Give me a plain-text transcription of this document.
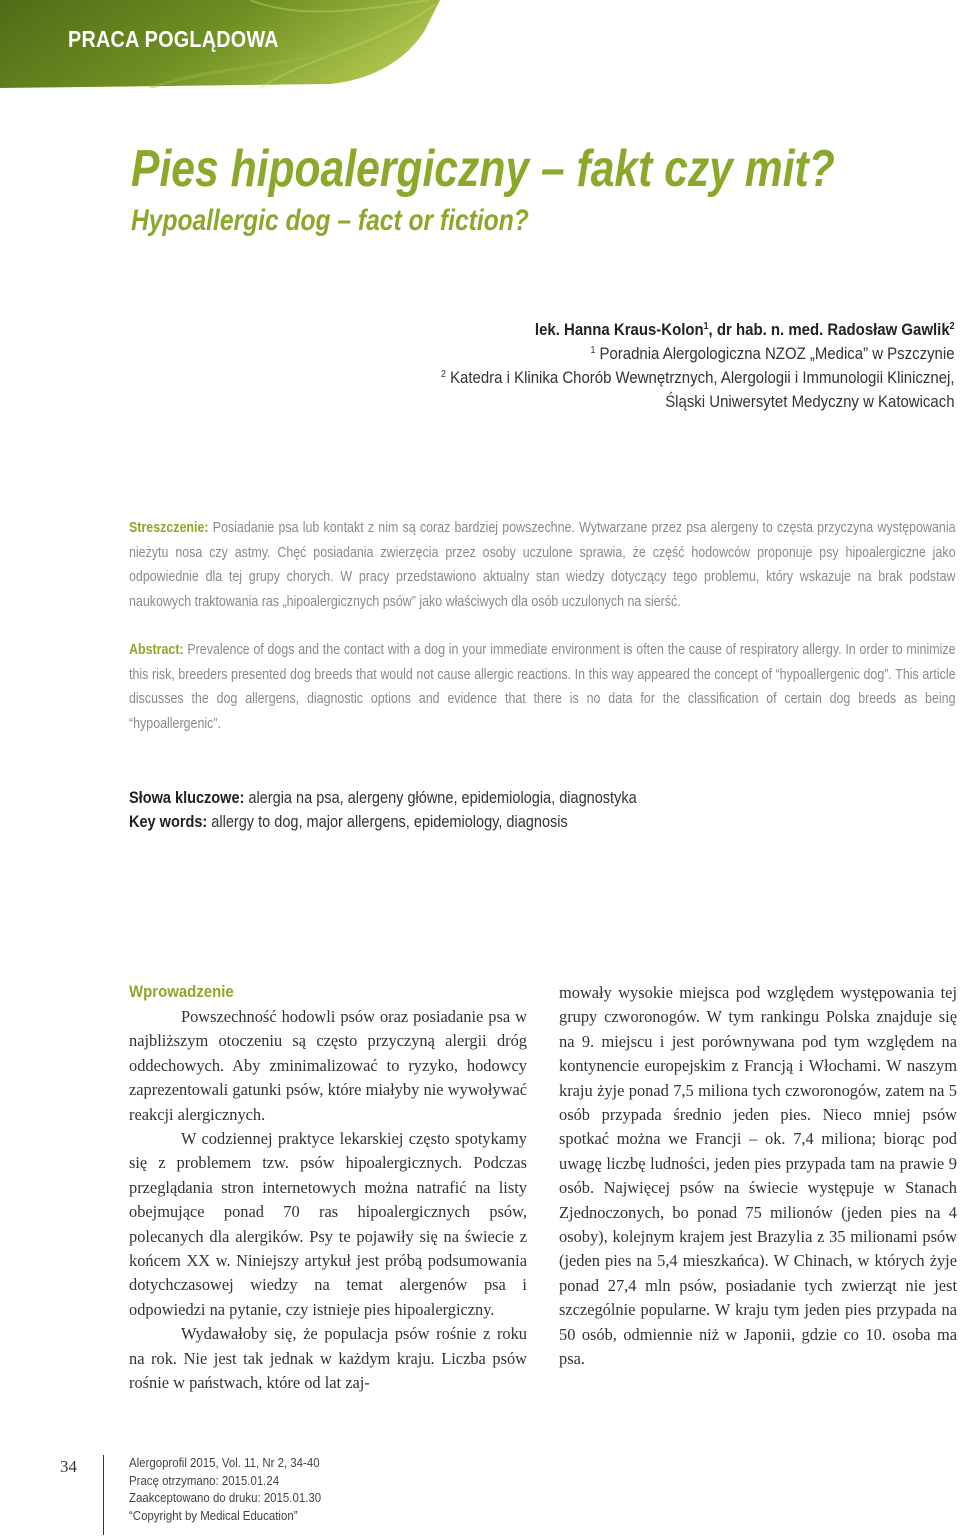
PRACA POGLĄDOWA
Pies hipoalergiczny – fakt czy mit?
Hypoallergic dog – fact or fiction?
lek. Hanna Kraus-Kolon$^1$, dr hab. n. med. Radosław Gawlik$^2$
$^1$ Poradnia Alergologiczna NZOZ „Medica” w Pszczynie
$^2$ Katedra i Klinika Chorób Wewnętrznych, Alergologii i Immunologii Klinicznej,
Śląski Uniwersytet Medyczny w Katowicach
Streszczenie: Posiadanie psa lub kontakt z nim są coraz bardziej powszechne. Wytwarzane przez psa alergeny to częsta przyczyna występowania nieżytu nosa czy astmy. Chęć posiadania zwierzęcia przez osoby uczulone sprawia, że część hodowców proponuje psy hipoalergiczne jako odpowiednie dla tej grupy chorych. W pracy przedstawiono aktualny stan wiedzy dotyczący tego problemu, który wskazuje na brak podstaw naukowych traktowania ras „hipoalergicznych psów” jako właściwych dla osób uczulonych na sierść.
Abstract: Prevalence of dogs and the contact with a dog in your immediate environment is often the cause of respiratory allergy. In order to minimize this risk, breeders presented dog breeds that would not cause allergic reactions. In this way appeared the concept of “hypoallergenic dog”. This article discusses the dog allergens, diagnostic options and evidence that there is no data for the classification of certain dog breeds as being “hypoallergenic”.
Słowa kluczowe: alergia na psa, alergeny główne, epidemiologia, diagnostyka
Key words: allergy to dog, major allergens, epidemiology, diagnosis
Wprowadzenie

Powszechność hodowli psów oraz posiadanie psa w najbliższym otoczeniu są często przyczyną alergii dróg oddechowych. Aby zminimalizować to ryzyko, hodowcy zaprezentowali gatunki psów, które miałyby nie wywoływać reakcji alergicznych.

W codziennej praktyce lekarskiej często spotykamy się z problemem tzw. psów hipoalergicznych. Podczas przeglądania stron internetowych można natrafić na listy obejmujące ponad 70 ras hipoalergicznych psów, polecanych dla alergików. Psy te pojawiły się na świecie z końcem XX w. Niniejszy artykuł jest próbą podsumowania dotychczasowej wiedzy na temat alergenów psa i odpowiedzi na pytanie, czy istnieje pies hipoalergiczny.

Wydawałoby się, że populacja psów rośnie z roku na rok. Nie jest tak jednak w każdym kraju. Liczba psów rośnie w państwach, które od lat zaj-

mowały wysokie miejsca pod względem występowania tej grupy czworonogów. W tym rankingu Polska znajduje się na 9. miejscu i jest porównywana pod tym względem na kontynencie europejskim z Francją i Włochami. W naszym kraju żyje ponad 7,5 miliona tych czworonogów, zatem na 5 osób przypada średnio jeden pies. Nieco mniej psów spotkać można we Francji – ok. 7,4 miliona; biorąc pod uwagę liczbę ludności, jeden pies przypada tam na prawie 9 osób. Najwięcej psów na świecie występuje w Stanach Zjednoczonych, bo ponad 75 milionów (jeden pies na 4 osoby), kolejnym krajem jest Brazylia z 35 milionami psów (jeden pies na 5,4 mieszkańca). W Chinach, w których żyje ponad 27,4 mln psów, posiadanie tych zwierząt nie jest szczególnie popularne. W kraju tym jeden pies przypada na 50 osób, odmiennie niż w Japonii, gdzie co 10. osoba ma psa.

34	Alergoprofil 2015, Vol. 11, Nr 2, 34-40
Pracę otrzymano: 2015.01.24
Zaakceptowano do druku: 2015.01.30
“Copyright by Medical Education”
